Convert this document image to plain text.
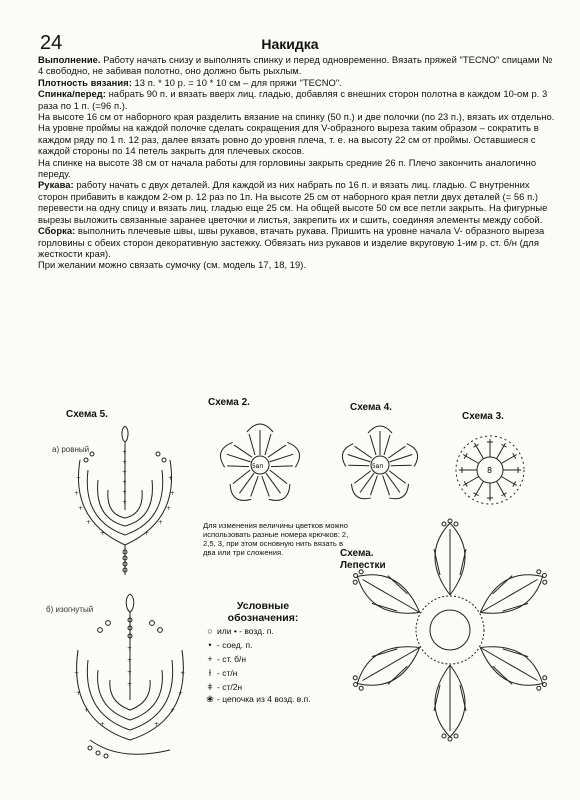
24	Накидка

Выполнение. Работу начать снизу и выполнять спинку и перед одновременно. Вязать пряжей "TECNO" спицами № 4 свободно, не забивая полотно, оно должно быть рыхлым.

Плотность вязания: 13 п. * 10 р. = 10 * 10 см – для пряжи "TECNO".

Спинка/перед: набрать 90 п. и вязать вверх лиц. гладью, добавляя с внешних сторон полотна в каждом 10-ом р. 3 раза по 1 п. (=96 п.).

На высоте 16 см от наборного края разделить вязание на спинку (50 п.) и две полочки (по 23 п.), вязать их отдельно. На уровне проймы на каждой полочке сделать сокращения для V-образного выреза таким образом – сократить в каждом ряду по 1 п. 12 раз, далее вязать ровно до уровня плеча, т. е. на высоту 22 см от проймы. Оставшиеся с каждой стороны по 14 петель закрыть для плечевых скосов.

На спинке на высоте 38 см от начала работы для горловины закрыть средние 26 п. Плечо закончить аналогично переду.

Рукава: работу начать с двух деталей. Для каждой из них набрать по 16 п. и вязать лиц. гладью. С внутренних сторон прибавить в каждом 2-ом р. 12 раз по 1п. На высоте 25 см от наборного края петли двух деталей (= 56 п.) перевести на одну спицу и вязать лиц. гладью еще 25 см. На общей высоте 50 см все петли закрыть. На фигурные вырезы выложить связанные заранее цветочки и листья, закрепить их и сшить, соединяя элементы между собой.

Сборка: выполнить плечевые швы, швы рукавов, втачать рукава. Пришить на уровне начала V- образного выреза горловины с обеих сторон декоративную застежку. Обвязать низ рукавов и изделие вкруговую 1-им р. ст. б/н (для жесткости края).

При желании можно связать сумочку (см. модель 17, 18, 19).

Схема 5.
Схема 2.	Схема 4.
Схема 3.
Схема.
Лепестки
а) ровный
б) изогнутый
Для изменения величины цветков можно использовать разные номера крючков: 2, 2,5, 3, при этом основную нить вязать в два или три сложения.
+
+
+
+
+
+
+
+
+
+
+
+
+
+
+
+
+
+
+
+
+
+
+
+
+
+
+
+
5вп	5вп	8
Условные
обозначения:
○ или • - возд. п.
• - соед. п.
+ - ст. б/н
ƚ - ст/н
ǂ - ст/2н
❀ - цепочка из 4 возд. в.п.
